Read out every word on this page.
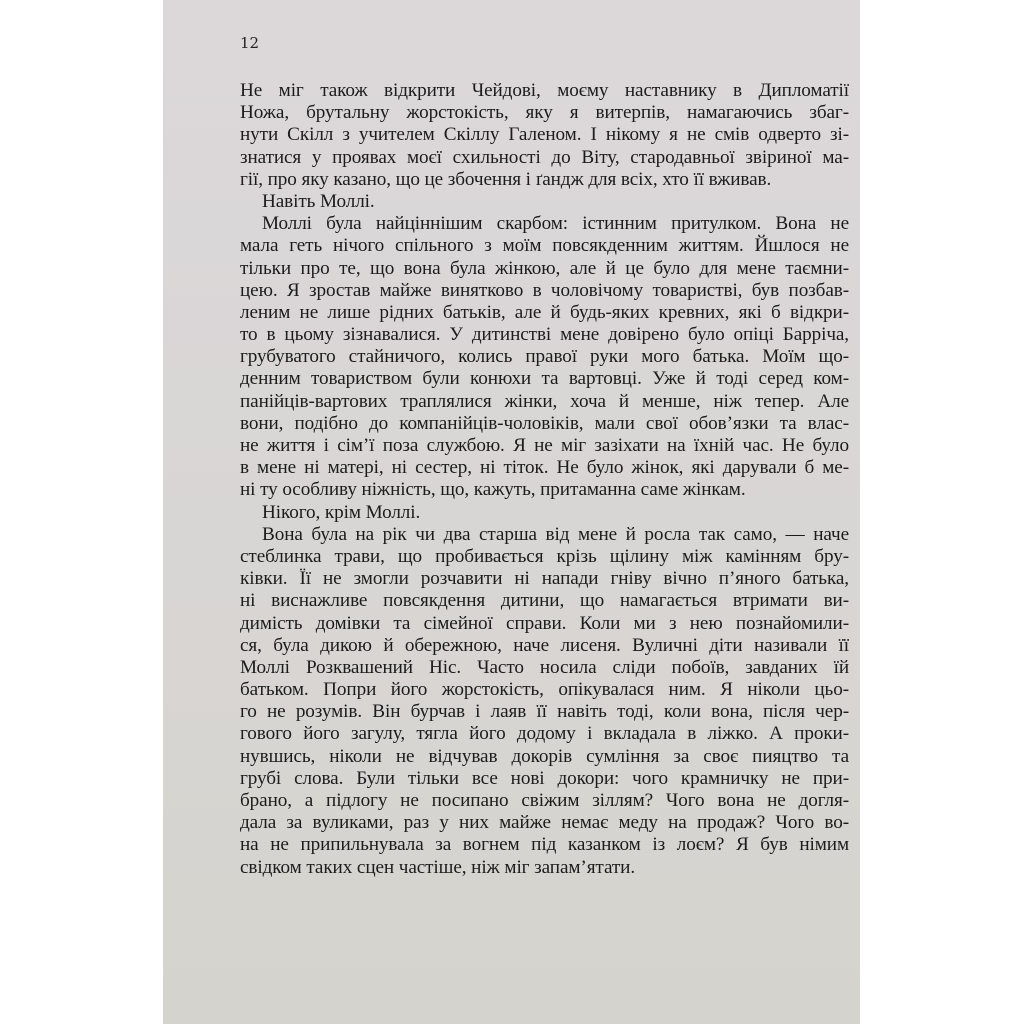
12
Не міг також відкрити Чейдові, моєму наставнику в Дипломатії
Ножа, брутальну жорстокість, яку я витерпів, намагаючись збаг-
нути Скілл з учителем Скіллу Галеном. І нікому я не смів одверто зі-
знатися у проявах моєї схильності до Віту, стародавньої звіриної ма-
гії, про яку казано, що це збочення і ґандж для всіх, хто її вживав.
Навіть Моллі.
Моллі була найціннішим скарбом: істинним притулком. Вона не
мала геть нічого спільного з моїм повсякденним життям. Йшлося не
тільки про те, що вона була жінкою, але й це було для мене таємни-
цею. Я зростав майже винятково в чоловічому товаристві, був позбав-
леним не лише рідних батьків, але й будь-яких кревних, які б відкри-
то в цьому зізнавалися. У дитинстві мене довірено було опіці Барріча,
грубуватого стайничого, колись правої руки мого батька. Моїм що-
денним товариством були конюхи та вартовці. Уже й тоді серед ком-
панійців-вартових траплялися жінки, хоча й менше, ніж тепер. Але
вони, подібно до компанійців-чоловіків, мали свої обов’язки та влас-
не життя і сім’ї поза службою. Я не міг зазіхати на їхній час. Не було
в мене ні матері, ні сестер, ні тіток. Не було жінок, які дарували б ме-
ні ту особливу ніжність, що, кажуть, притаманна саме жінкам.
Нікого, крім Моллі.
Вона була на рік чи два старша від мене й росла так само, — наче
стеблинка трави, що пробивається крізь щілину між камінням бру-
ківки. Її не змогли розчавити ні напади гніву вічно п’яного батька,
ні виснажливе повсякдення дитини, що намагається втримати ви-
димість домівки та сімейної справи. Коли ми з нею познайомили-
ся, була дикою й обережною, наче лисеня. Вуличні діти називали її
Моллі Розквашений Ніс. Часто носила сліди побоїв, завданих їй
батьком. Попри його жорстокість, опікувалася ним. Я ніколи цьо-
го не розумів. Він бурчав і лаяв її навіть тоді, коли вона, після чер-
гового його загулу, тягла його додому і вкладала в ліжко. А проки-
нувшись, ніколи не відчував докорів сумління за своє пияцтво та
грубі слова. Були тільки все нові докори: чого крамничку не при-
брано, а підлогу не посипано свіжим зіллям? Чого вона не догля-
дала за вуликами, раз у них майже немає меду на продаж? Чого во-
на не припильнувала за вогнем під казанком із лоєм? Я був німим
свідком таких сцен частіше, ніж міг запам’ятати.
